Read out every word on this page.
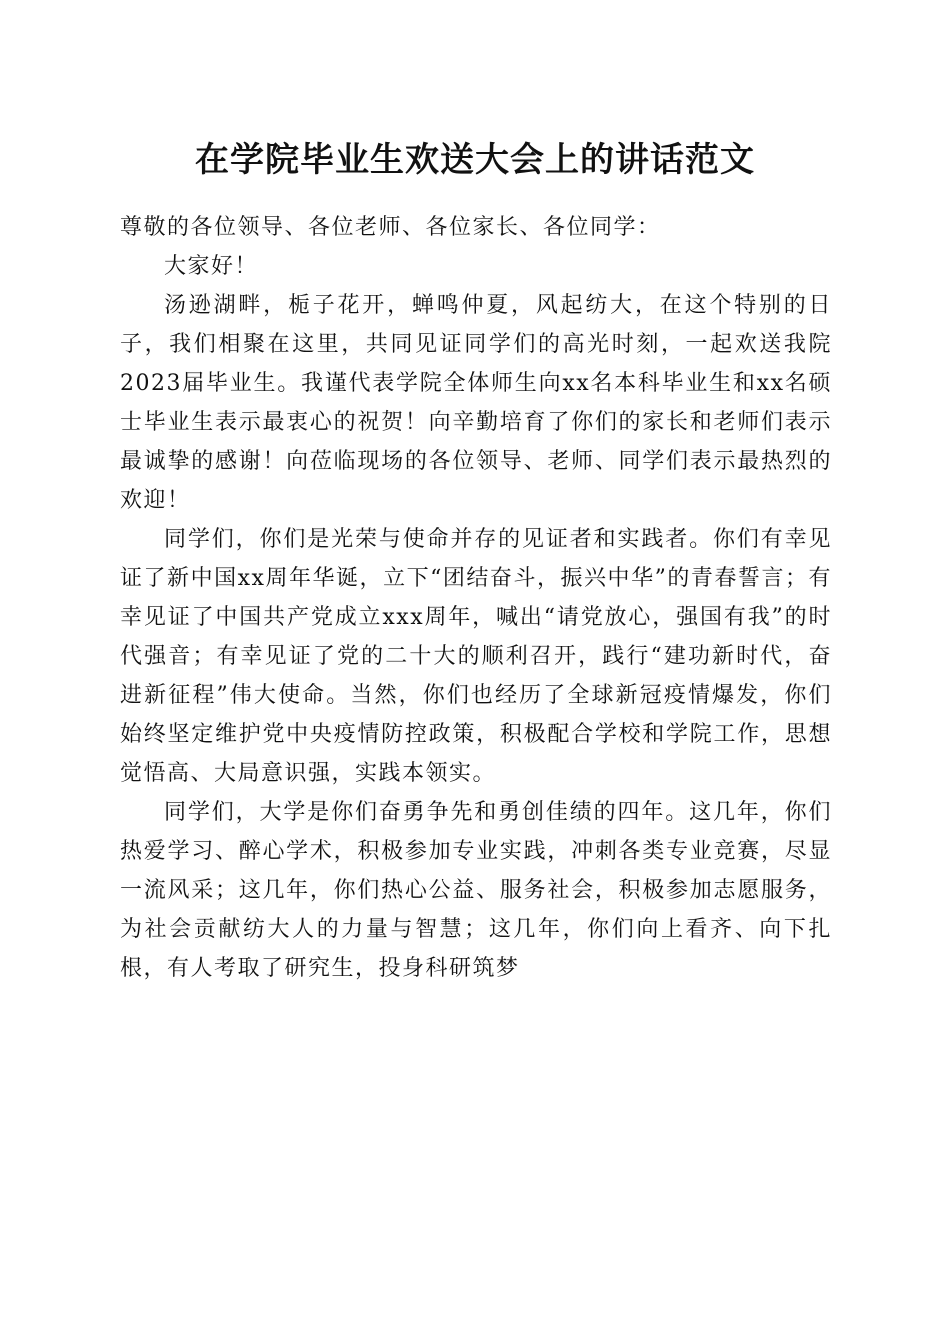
在学院毕业生欢送大会上的讲话范文

尊敬的各位领导、各位老师、各位家长、各位同学：

大家好！

汤逊湖畔，栀子花开，蝉鸣仲夏，风起纺大，在这个特别的日子，我们相聚在这里，共同见证同学们的高光时刻，一起欢送我院2023届毕业生。我谨代表学院全体师生向xx名本科毕业生和xx名硕士毕业生表示最衷心的祝贺！向辛勤培育了你们的家长和老师们表示最诚挚的感谢！向莅临现场的各位领导、老师、同学们表示最热烈的欢迎！

同学们，你们是光荣与使命并存的见证者和实践者。你们有幸见证了新中国xx周年华诞，立下“团结奋斗，振兴中华”的青春誓言；有幸见证了中国共产党成立xxx周年，喊出“请党放心，强国有我”的时代强音；有幸见证了党的二十大的顺利召开，践行“建功新时代，奋进新征程”伟大使命。当然，你们也经历了全球新冠疫情爆发，你们始终坚定维护党中央疫情防控政策，积极配合学校和学院工作，思想觉悟高、大局意识强，实践本领实。

同学们，大学是你们奋勇争先和勇创佳绩的四年。这几年，你们热爱学习、醉心学术，积极参加专业实践，冲刺各类专业竞赛，尽显一流风采；这几年，你们热心公益、服务社会，积极参加志愿服务，为社会贡献纺大人的力量与智慧；这几年，你们向上看齐、向下扎根，有人考取了研究生，投身科研筑梦
